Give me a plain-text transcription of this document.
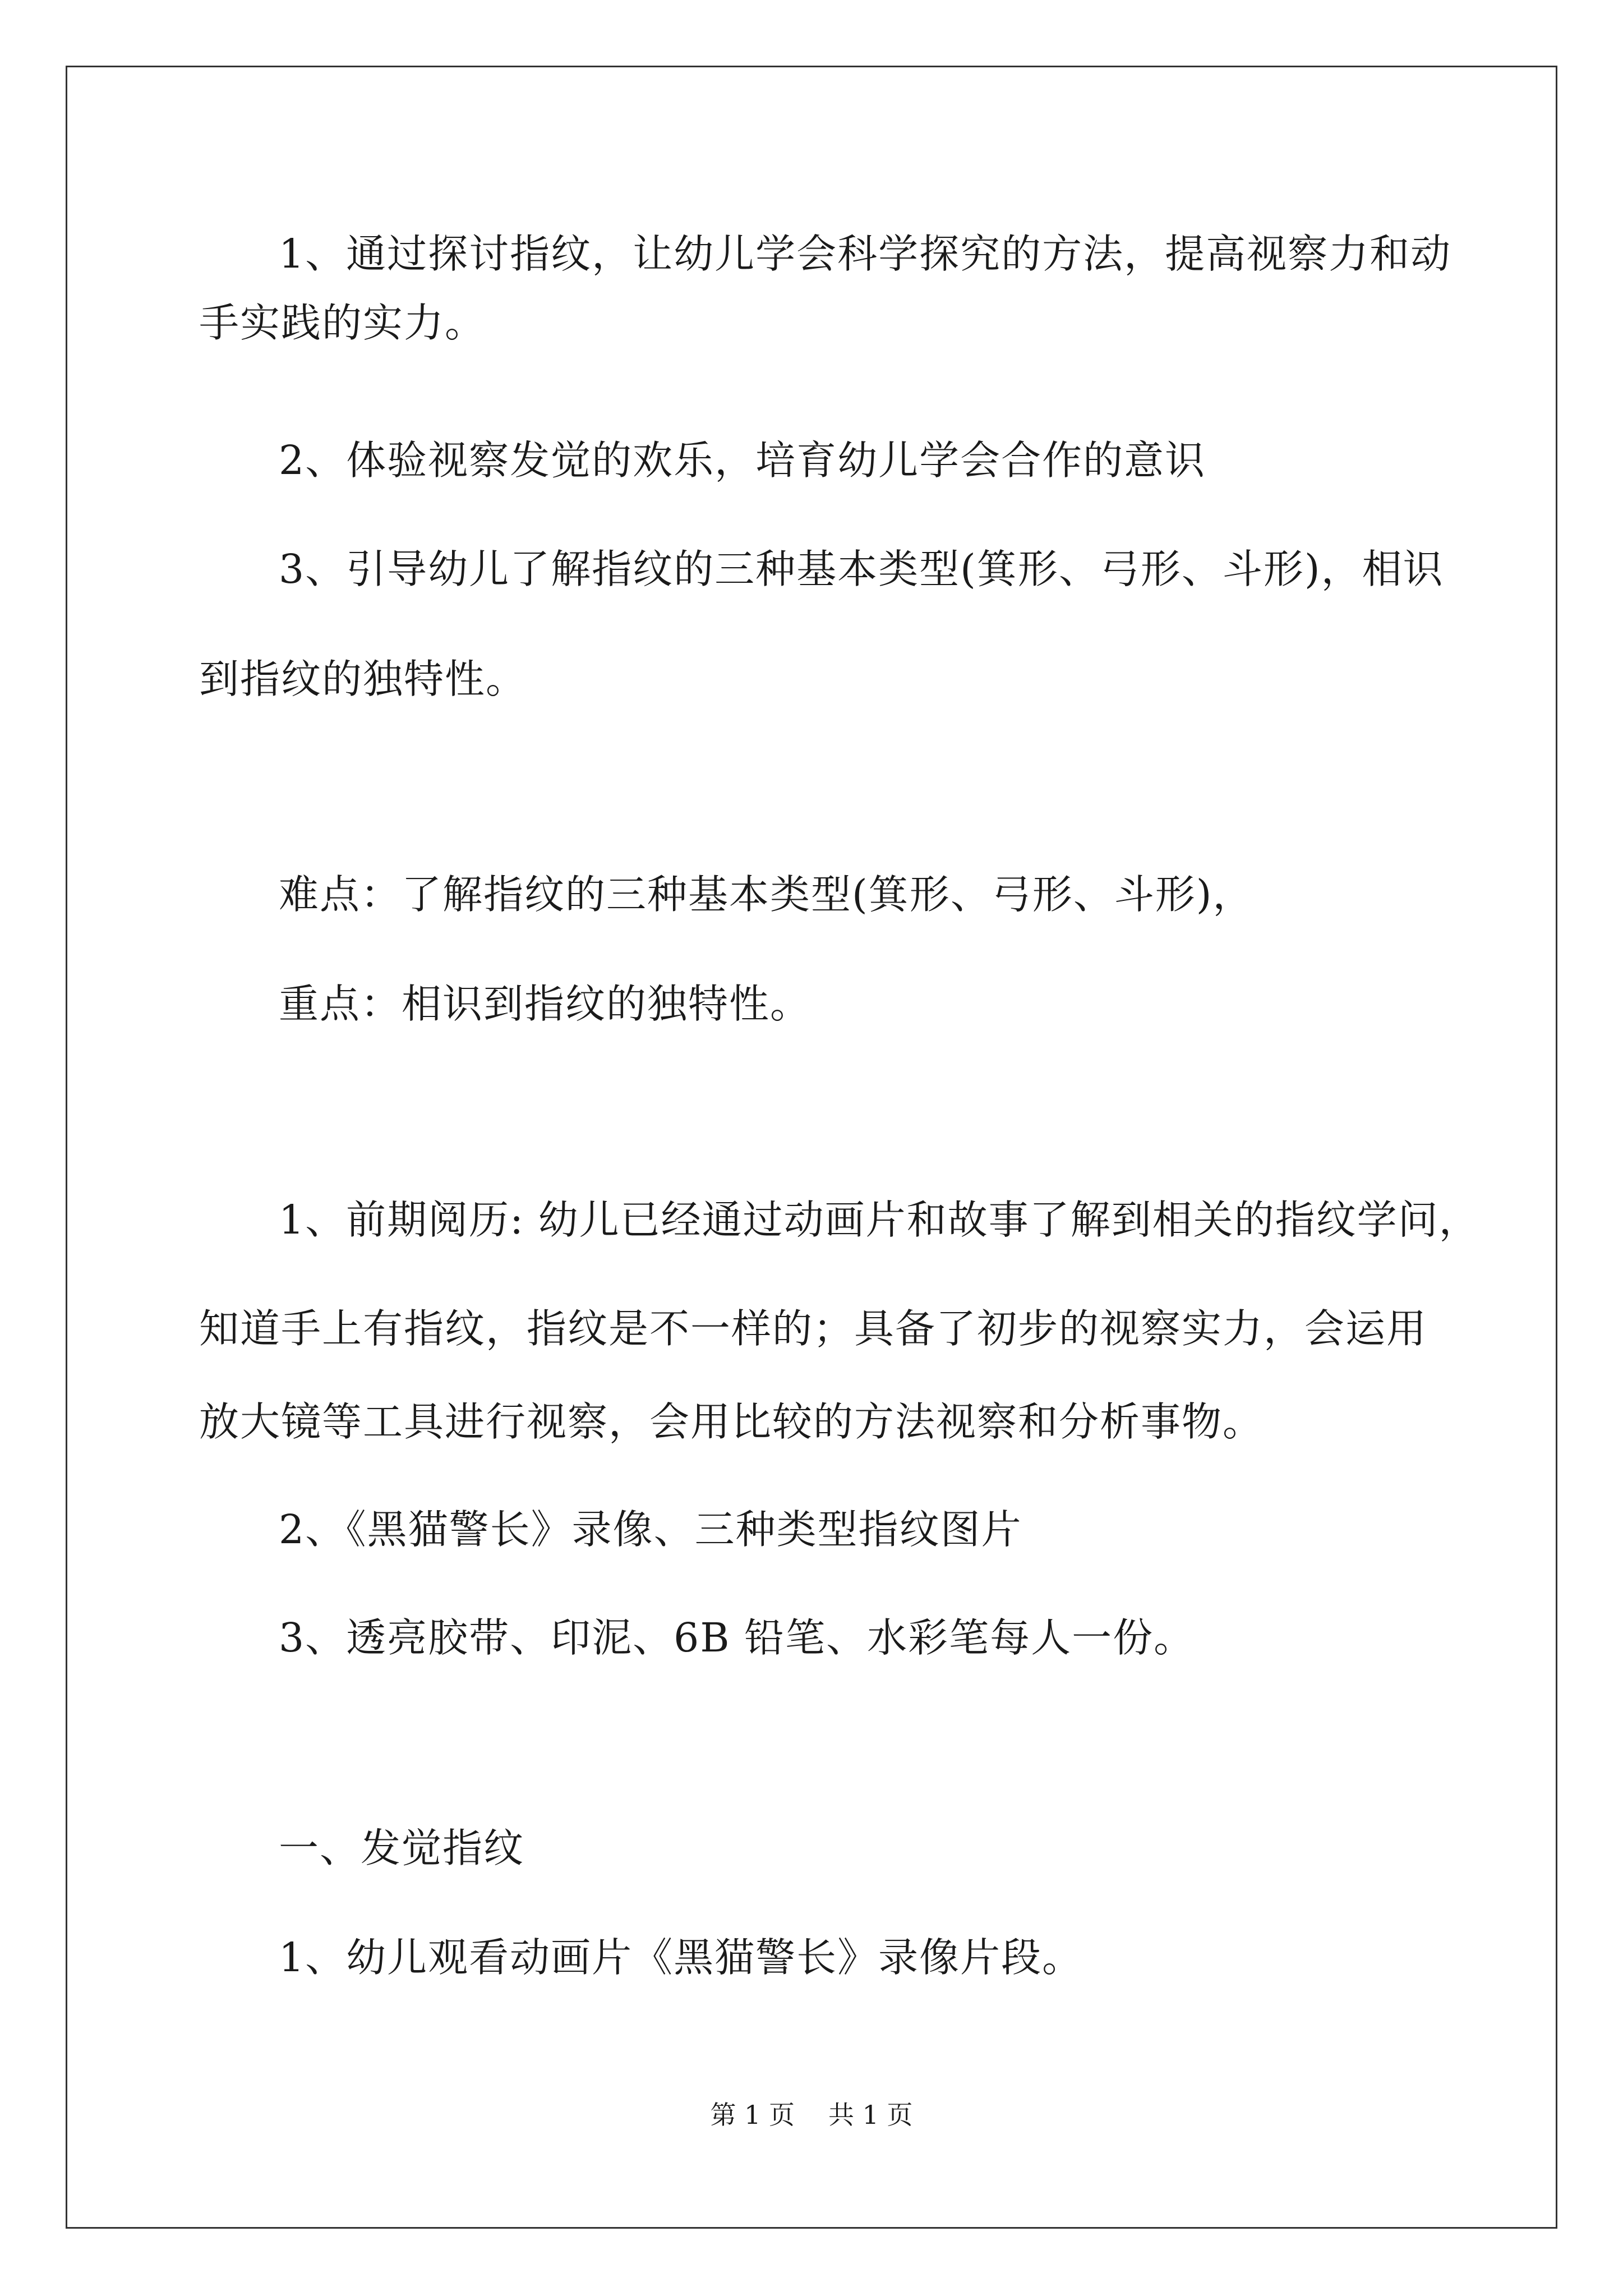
1、通过探讨指纹，让幼儿学会科学探究的方法，提高视察力和动
手实践的实力。
2、体验视察发觉的欢乐，培育幼儿学会合作的意识
3、引导幼儿了解指纹的三种基本类型(箕形、弓形、斗形)，相识
到指纹的独特性。
难点：了解指纹的三种基本类型(箕形、弓形、斗形)，
重点：相识到指纹的独特性。
1、前期阅历: 幼儿已经通过动画片和故事了解到相关的指纹学问，
知道手上有指纹，指纹是不一样的；具备了初步的视察实力，会运用
放大镜等工具进行视察，会用比较的方法视察和分析事物。
2、《黑猫警长》录像、三种类型指纹图片
3、透亮胶带、印泥、6B 铅笔、水彩笔每人一份。
一、发觉指纹
1、幼儿观看动画片《黑猫警长》录像片段。
第 1 页 共 1 页
